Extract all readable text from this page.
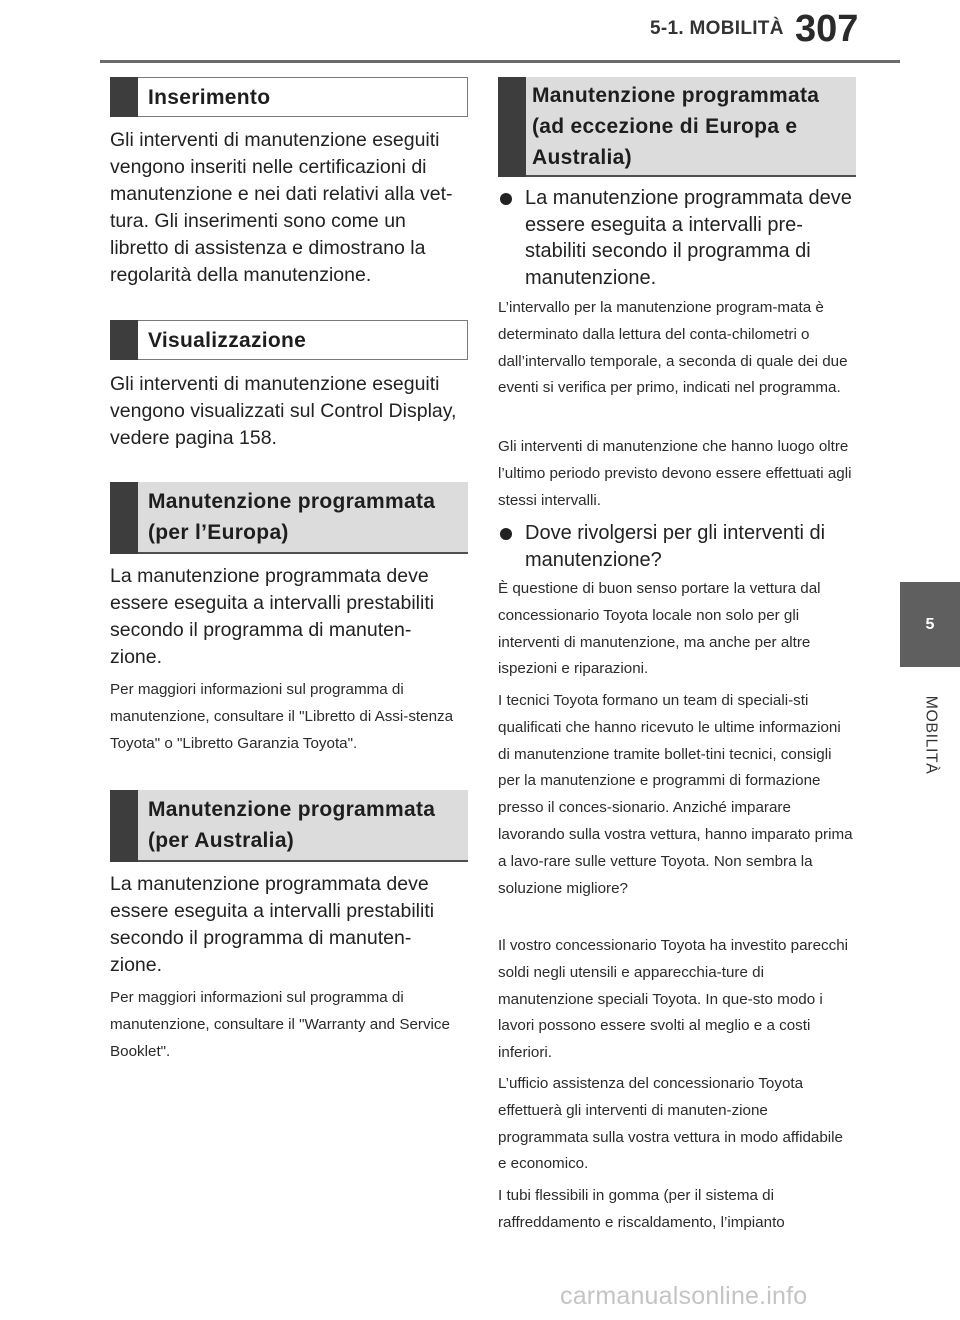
5-1. MOBILITÀ 307
5
MOBILITÀ
Inserimento

Gli interventi di manutenzione eseguiti vengono inseriti nelle certificazioni di manutenzione e nei dati relativi alla vet-tura. Gli inserimenti sono come un libretto di assistenza e dimostrano la regolarità della manutenzione.

Visualizzazione

Gli interventi di manutenzione eseguiti vengono visualizzati sul Control Display, vedere pagina 158.

Manutenzione programmata
(per l’Europa)

La manutenzione programmata deve essere eseguita a intervalli prestabiliti secondo il programma di manuten-zione.

Per maggiori informazioni sul programma di manutenzione, consultare il "Libretto di Assi-stenza Toyota" o "Libretto Garanzia Toyota".

Manutenzione programmata
(per Australia)

La manutenzione programmata deve essere eseguita a intervalli prestabiliti secondo il programma di manuten-zione.

Per maggiori informazioni sul programma di manutenzione, consultare il "Warranty and Service Booklet".

Manutenzione programmata
(ad eccezione di Europa e
Australia)
La manutenzione programmata deve essere eseguita a intervalli pre-stabiliti secondo il programma di manutenzione.

L’intervallo per la manutenzione program-mata è determinato dalla lettura del conta-chilometri o dall’intervallo temporale, a seconda di quale dei due eventi si verifica per primo, indicati nel programma.

Gli interventi di manutenzione che hanno luogo oltre l’ultimo periodo previsto devono essere effettuati agli stessi intervalli.

Dove rivolgersi per gli interventi di manutenzione?

È questione di buon senso portare la vettura dal concessionario Toyota locale non solo per gli interventi di manutenzione, ma anche per altre ispezioni e riparazioni.

I tecnici Toyota formano un team di speciali-sti qualificati che hanno ricevuto le ultime informazioni di manutenzione tramite bollet-tini tecnici, consigli per la manutenzione e programmi di formazione presso il conces-sionario. Anziché imparare lavorando sulla vostra vettura, hanno imparato prima a lavo-rare sulle vetture Toyota. Non sembra la soluzione migliore?

Il vostro concessionario Toyota ha investito parecchi soldi negli utensili e apparecchia-ture di manutenzione speciali Toyota. In que-sto modo i lavori possono essere svolti al meglio e a costi inferiori.

L’ufficio assistenza del concessionario Toyota effettuerà gli interventi di manuten-zione programmata sulla vostra vettura in modo affidabile e economico.

I tubi flessibili in gomma (per il sistema di raffreddamento e riscaldamento, l’impianto

carmanualsonline.info
